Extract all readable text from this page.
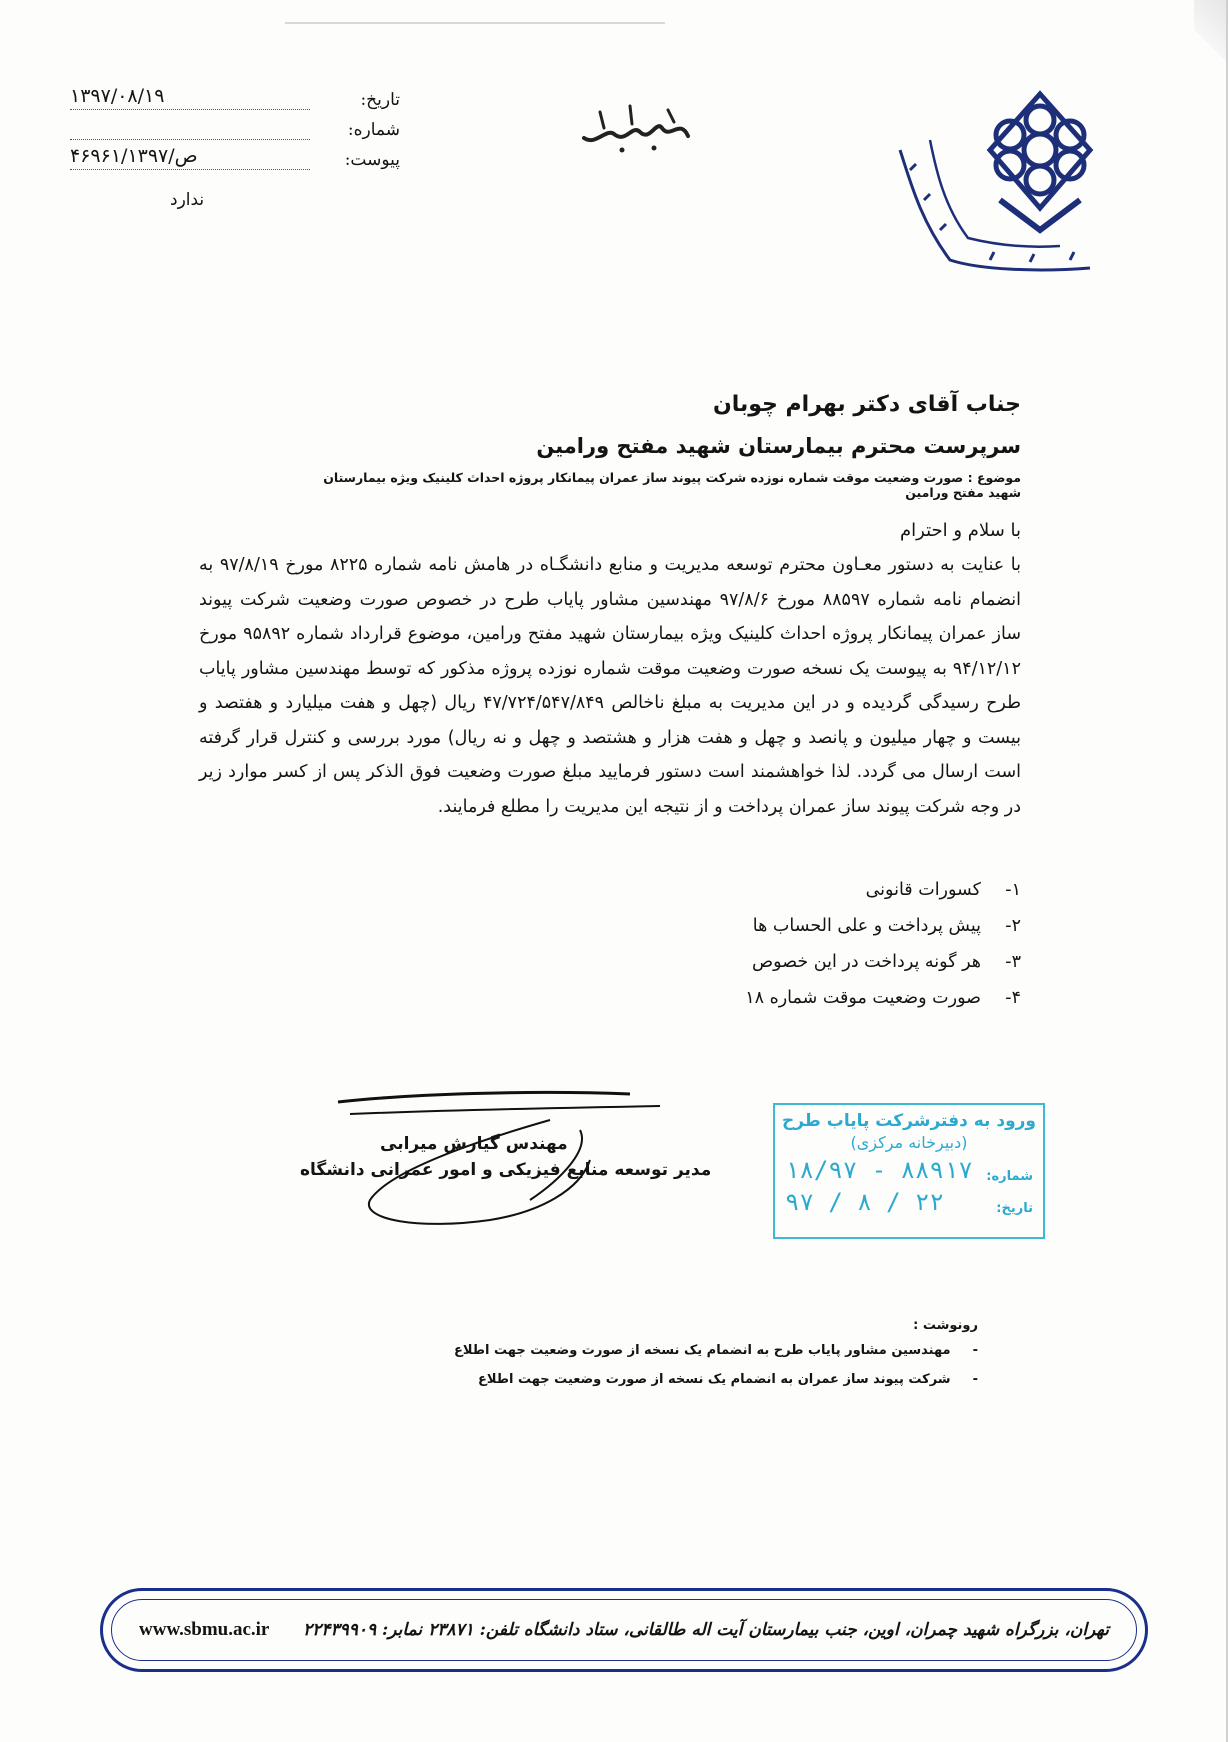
تاریخ:
۱۳۹۷/۰۸/۱۹
شماره:
پیوست:
۴۶۹۶۱/ص/۱۳۹۷
ندارد
جناب آقای دکتر بهرام چوبان
سرپرست محترم بیمارستان شهید مفتح ورامین
موضوع : صورت وضعیت موقت شماره نوزده شرکت پیوند ساز عمران پیمانکار پروژه احداث کلینیک ویژه بیمارستان شهید مفتح ورامین
با سلام و احترام
با عنایت به دستور معـاون محترم توسعه مدیریت و منابع دانشگـاه در هامش نامه شماره ۸۲۲۵ مورخ ۹۷/۸/۱۹ به انضمام نامه شماره ۸۸۵۹۷ مورخ ۹۷/۸/۶ مهندسین مشاور پایاب طرح در خصوص صورت وضعیت شرکت پیوند ساز عمران پیمانکار پروژه احداث کلینیک ویژه بیمارستان شهید مفتح ورامین، موضوع قرارداد شماره ۹۵۸۹۲ مورخ ۹۴/۱۲/۱۲ به پیوست یک نسخه صورت وضعیت موقت شماره نوزده پروژه مذکور که توسط مهندسین مشاور پایاب طرح رسیدگی گردیده و در این مدیریت به مبلغ ناخالص ۴۷/۷۲۴/۵۴۷/۸۴۹ ریال (چهل و هفت میلیارد و هفتصد و بیست و چهار میلیون و پانصد و چهل و هفت هزار و هشتصد و چهل و نه ریال) مورد بررسی و کنترل قرار گرفته است ارسال می گردد. لذا خواهشمند است دستور فرمایید مبلغ صورت وضعیت فوق الذکر پس از کسر موارد زیر در وجه شرکت پیوند ساز عمران پرداخت و از نتیجه این مدیریت را مطلع فرمایند.
۱-
کسورات قانونی
۲-
پیش پرداخت و علی الحساب ها
۳-
هر گونه پرداخت در این خصوص
۴-
صورت وضعیت موقت شماره ۱۸
مهندس گیارش میرابی
مدیر توسعه منابع فیزیکی و امور عمرانی دانشگاه
ورود به دفترشرکت پایاب طرح
(دبیرخانه مرکزی)
شماره:
۱۸/۹۷ - ۸۸۹۱۷
تاریخ:
۹۷ / ۸ / ۲۲
رونوشت :
-
مهندسین مشاور پایاب طرح به انضمام یک نسخه از صورت وضعیت جهت اطلاع
-
شرکت پیوند ساز عمران به انضمام یک نسخه از صورت وضعیت جهت اطلاع
www.sbmu.ac.ir تهران، بزرگراه شهید چمران، اوین، جنب بیمارستان آیت اله طالقانی، ستاد دانشگاه تلفن: ۲۳۸۷۱ نمابر: ۲۲۴۳۹۹۰۹
